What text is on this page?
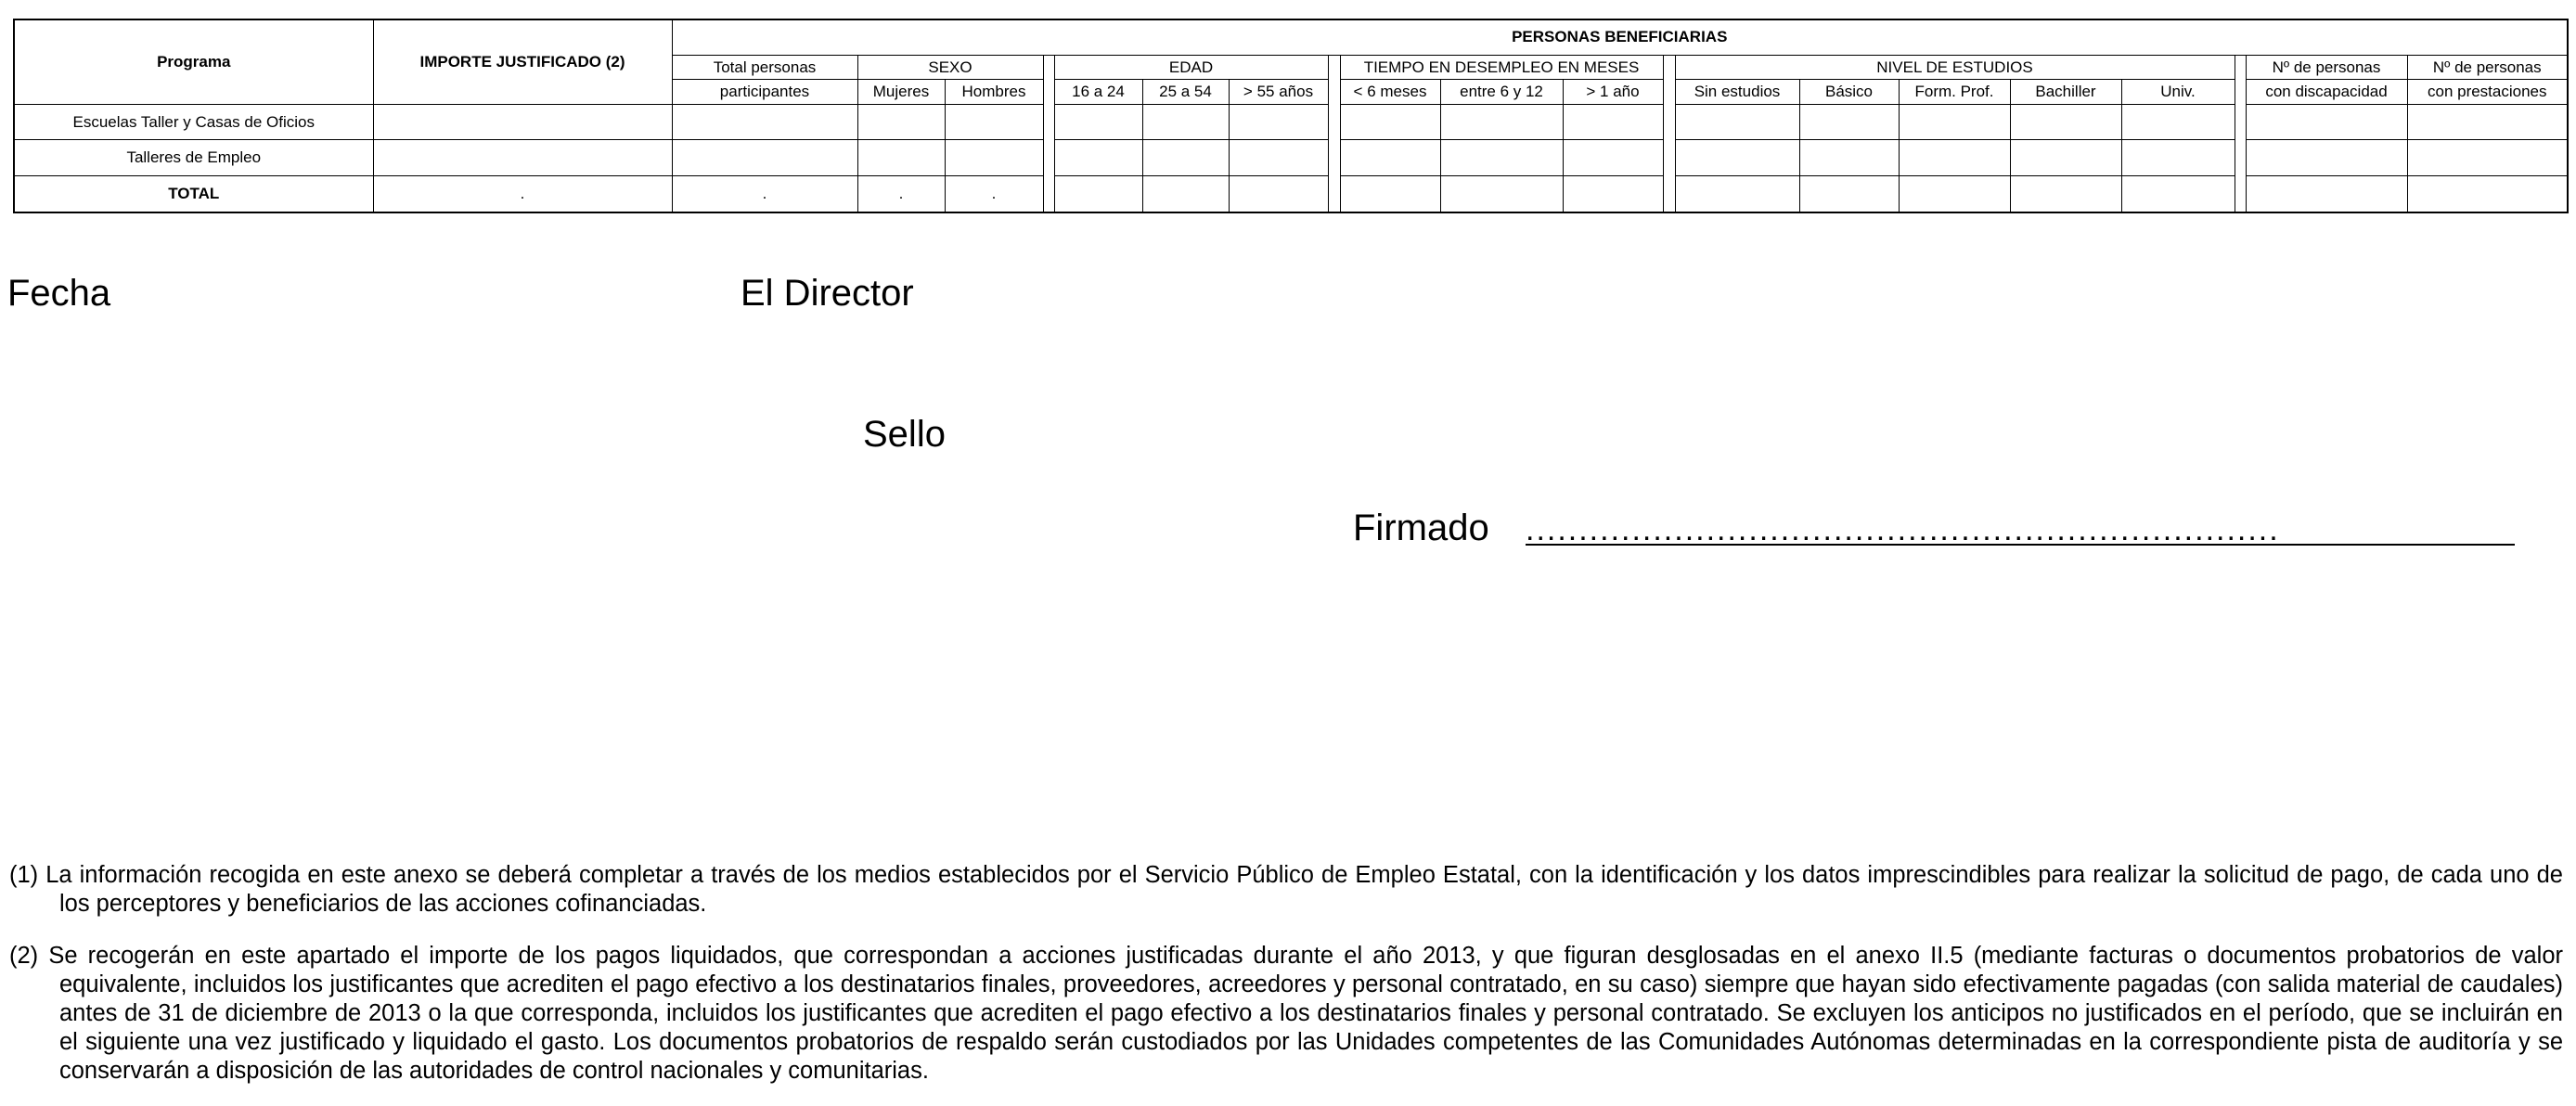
Programa	IMPORTE JUSTIFICADO (2)	PERSONAS BENEFICIARIAS																			
		Total personas	SEXO			EDAD				TIEMPO EN DESEMPLEO EN MESES				NIVEL DE ESTUDIOS						Nº de personas	Nº de personas
		participantes	Mujeres	Hombres		16 a 24	25 a 54	> 55 años		< 6 meses	entre 6 y 12	> 1 año		Sin estudios	Básico	Form. Prof.	Bachiller	Univ.		con discapacidad	con prestaciones
Escuelas Taller y Casas de Oficios																					
Talleres de Empleo																					
TOTAL	.	.	.	.																	
Fecha	El Director
Sello
Firmado .......................................................................

(1) La información recogida en este anexo se deberá completar a través de los medios establecidos por el Servicio Público de Empleo Estatal, con la identificación y los datos imprescindibles para realizar la solicitud de pago, de cada uno de los perceptores y beneficiarios de las acciones cofinanciadas.

(2) Se recogerán en este apartado el importe de los pagos liquidados, que correspondan a acciones justificadas durante el año 2013, y que figuran desglosadas en el anexo II.5 (mediante facturas o documentos probatorios de valor equivalente, incluidos los justificantes que acrediten el pago efectivo a los destinatarios finales, proveedores, acreedores y personal contratado, en su caso) siempre que hayan sido efectivamente pagadas (con salida material de caudales) antes de 31 de diciembre de 2013 o la que corresponda, incluidos los justificantes que acrediten el pago efectivo a los destinatarios finales y personal contratado. Se excluyen los anticipos no justificados en el período, que se incluirán en el siguiente una vez justificado y liquidado el gasto. Los documentos probatorios de respaldo serán custodiados por las Unidades competentes de las Comunidades Autónomas determinadas en la correspondiente pista de auditoría y se conservarán a disposición de las autoridades de control nacionales y comunitarias.
